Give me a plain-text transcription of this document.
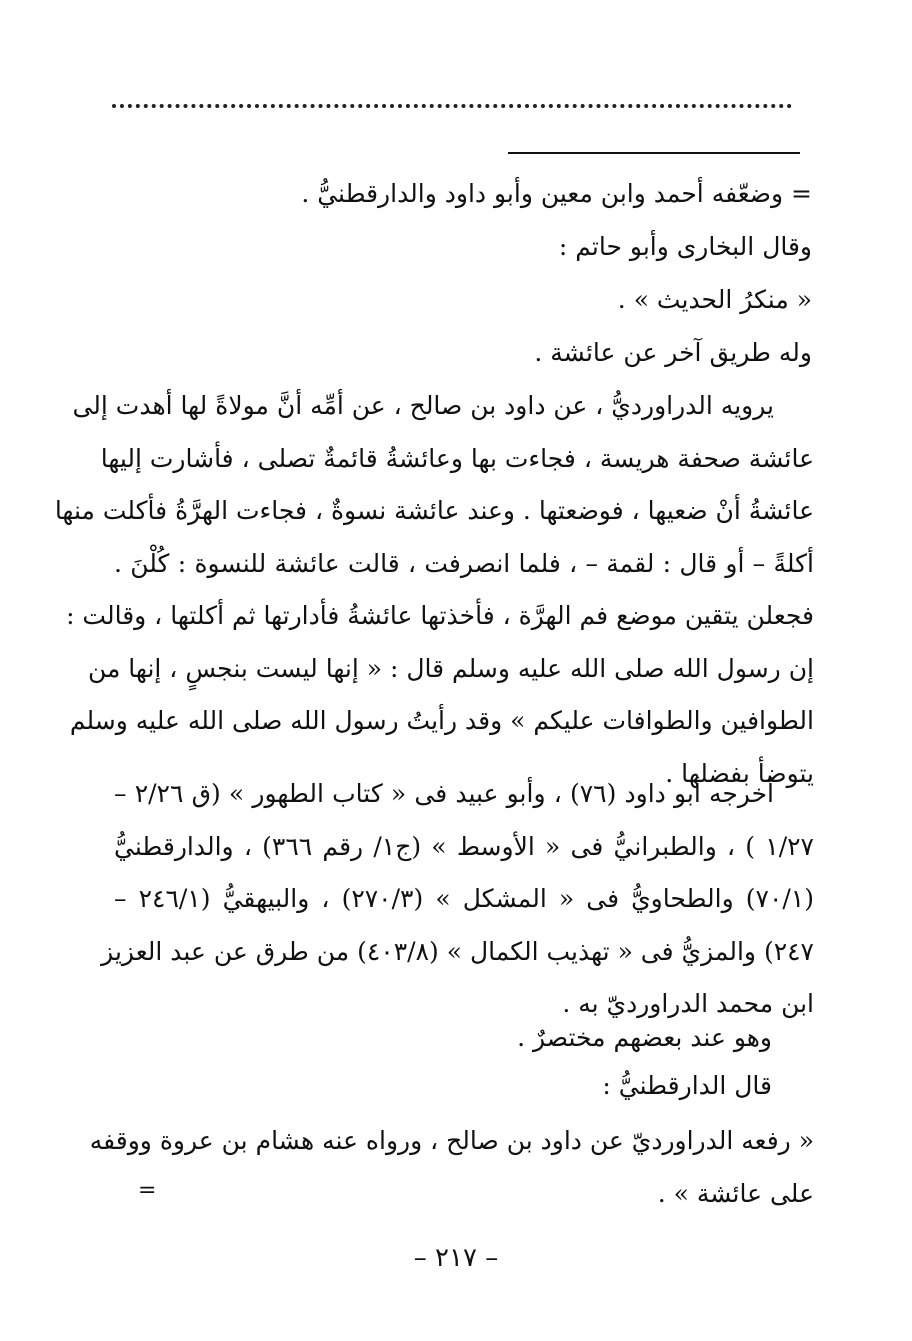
= وضعّفه أحمد وابن معين وأبو داود والدارقطنيُّ .
وقال البخارى وأبو حاتم :
« منكرُ الحديث » .
وله طريق آخر عن عائشة .
يرويه الدراورديُّ ، عن داود بن صالح ، عن أمِّه أنَّ مولاةً لها أهدت إلى
عائشة صحفة هريسة ، فجاءت بها وعائشةُ قائمةٌ تصلى ، فأشارت إليها
عائشةُ أنْ ضعيها ، فوضعتها . وعند عائشة نسوةٌ ، فجاءت الهرَّةُ فأكلت منها
أكلةً – أو قال : لقمة – ، فلما انصرفت ، قالت عائشة للنسوة : كُلْنَ .
فجعلن يتقين موضع فم الهرَّة ، فأخذتها عائشةُ فأدارتها ثم أكلتها ، وقالت :
إن رسول الله صلى الله عليه وسلم قال : « إنها ليست بنجسٍ ، إنها من
الطوافين والطوافات عليكم » وقد رأيتُ رسول الله صلى الله عليه وسلم
يتوضأ بفضلها .
أخرجه أبو داود (٧٦) ، وأبو عبيد فى « كتاب الطهور » (ق ٢/٢٦ –
١/٢٧ ) ، والطبرانيُّ فى « الأوسط » (ج١/ رقم ٣٦٦) ، والدارقطنيُّ
(٧٠/١) والطحاويُّ فى « المشكل » (٢٧٠/٣) ، والبيهقيُّ (٢٤٦/١ –
٢٤٧) والمزيُّ فى « تهذيب الكمال » (٤٠٣/٨) من طرق عن عبد العزيز
ابن محمد الدراورديّ به .
وهو عند بعضهم مختصرٌ .
قال الدارقطنيُّ :
« رفعه الدراورديّ عن داود بن صالح ، ورواه عنه هشام بن عروة ووقفه
على عائشة » .
=
– ٢١٧ –
